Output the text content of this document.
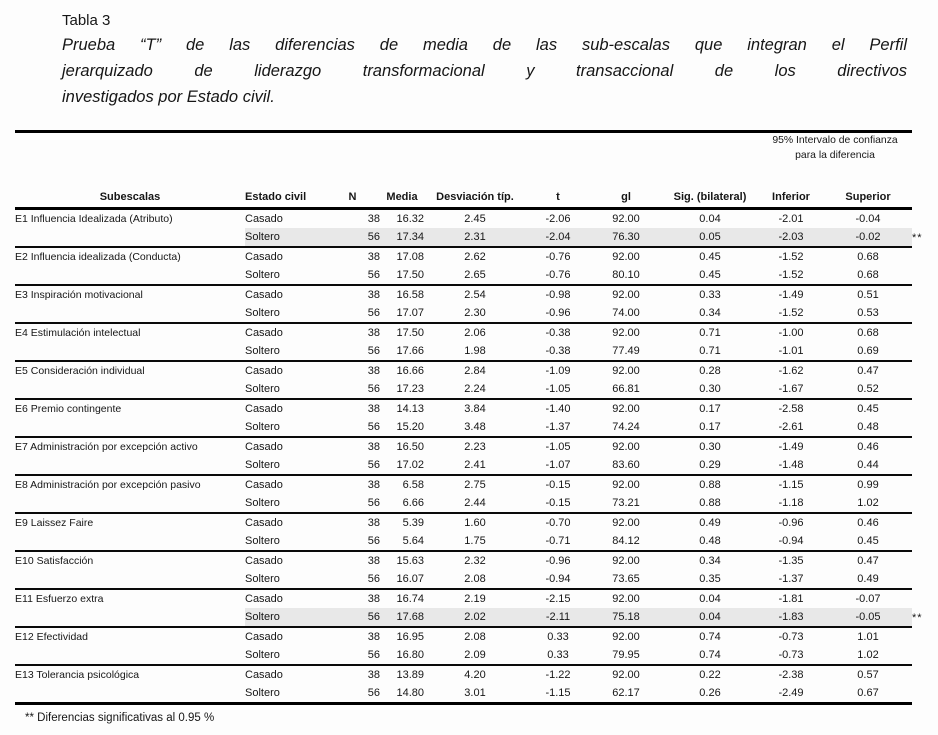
Tabla 3
Prueba “T” de las diferencias de media de las sub-escalas que integran el Perfil
jerarquizado de liderazgo transformacional y transaccional de los directivos
investigados por Estado civil.

								95% Intervalo de confianza
para la diferencia		

Subescalas	Estado civil	N	Media	Desviación típ.	t	gl	Sig. (bilateral)	Inferior	Superior	
E1 Influencia Idealizada (Atributo)	Casado	38	16.32	2.45	-2.06	92.00	0.04	-2.01	-0.04	
	Soltero	56	17.34	2.31	-2.04	76.30	0.05	-2.03	-0.02	**
E2 Influencia idealizada (Conducta)	Casado	38	17.08	2.62	-0.76	92.00	0.45	-1.52	0.68	
	Soltero	56	17.50	2.65	-0.76	80.10	0.45	-1.52	0.68	
E3 Inspiración motivacional	Casado	38	16.58	2.54	-0.98	92.00	0.33	-1.49	0.51	
	Soltero	56	17.07	2.30	-0.96	74.00	0.34	-1.52	0.53	
E4 Estimulación intelectual	Casado	38	17.50	2.06	-0.38	92.00	0.71	-1.00	0.68	
	Soltero	56	17.66	1.98	-0.38	77.49	0.71	-1.01	0.69	
E5 Consideración individual	Casado	38	16.66	2.84	-1.09	92.00	0.28	-1.62	0.47	
	Soltero	56	17.23	2.24	-1.05	66.81	0.30	-1.67	0.52	
E6 Premio contingente	Casado	38	14.13	3.84	-1.40	92.00	0.17	-2.58	0.45	
	Soltero	56	15.20	3.48	-1.37	74.24	0.17	-2.61	0.48	
E7 Administración por excepción activo	Casado	38	16.50	2.23	-1.05	92.00	0.30	-1.49	0.46	
	Soltero	56	17.02	2.41	-1.07	83.60	0.29	-1.48	0.44	
E8 Administración por excepción pasivo	Casado	38	6.58	2.75	-0.15	92.00	0.88	-1.15	0.99	
	Soltero	56	6.66	2.44	-0.15	73.21	0.88	-1.18	1.02	
E9 Laissez Faire	Casado	38	5.39	1.60	-0.70	92.00	0.49	-0.96	0.46	
	Soltero	56	5.64	1.75	-0.71	84.12	0.48	-0.94	0.45	
E10 Satisfacción	Casado	38	15.63	2.32	-0.96	92.00	0.34	-1.35	0.47	
	Soltero	56	16.07	2.08	-0.94	73.65	0.35	-1.37	0.49	
E11 Esfuerzo extra	Casado	38	16.74	2.19	-2.15	92.00	0.04	-1.81	-0.07	
	Soltero	56	17.68	2.02	-2.11	75.18	0.04	-1.83	-0.05	**
E12 Efectividad	Casado	38	16.95	2.08	0.33	92.00	0.74	-0.73	1.01	
	Soltero	56	16.80	2.09	0.33	79.95	0.74	-0.73	1.02	
E13 Tolerancia psicológica	Casado	38	13.89	4.20	-1.22	92.00	0.22	-2.38	0.57	
	Soltero	56	14.80	3.01	-1.15	62.17	0.26	-2.49	0.67	
** Diferencias significativas al 0.95 %
